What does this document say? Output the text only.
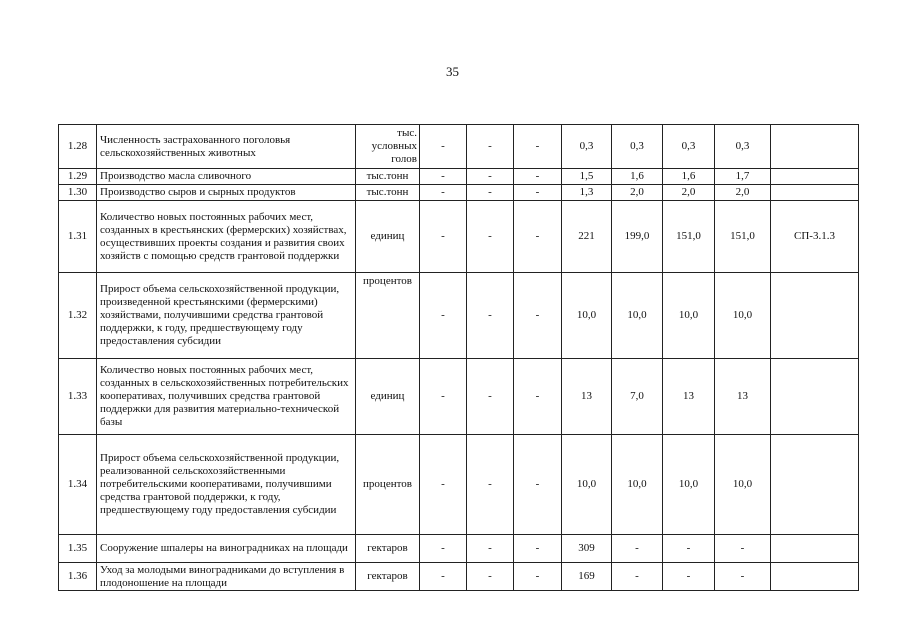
35
1.28	Численность застрахованного поголовья сельскохозяйственных животных	тыс. условных голов	-	-	-	0,3	0,3	0,3	0,3	
1.29	Производство масла сливочного	тыс.тонн	-	-	-	1,5	1,6	1,6	1,7	
1.30	Производство сыров и сырных продуктов	тыс.тонн	-	-	-	1,3	2,0	2,0	2,0	
1.31	Количество новых постоянных рабочих мест, созданных в крестьянских (фермерских) хозяйствах, осуществивших проекты создания и развития своих хозяйств с помощью средств грантовой поддержки	единиц	-	-	-	221	199,0	151,0	151,0	СП-3.1.3
1.32	Прирост объема сельскохозяйственной продукции, произведенной крестьянскими (фермерскими) хозяйствами, получившими средства грантовой поддержки, к году, предшествующему году предоставления субсидии	процентов	-	-	-	10,0	10,0	10,0	10,0	
1.33	Количество новых постоянных рабочих мест, созданных в сельскохозяйственных потребительских кооперативах, получивших средства грантовой поддержки для развития материально-технической базы	единиц	-	-	-	13	7,0	13	13	
1.34	Прирост объема сельскохозяйственной продукции, реализованной сельскохозяйственными потребительскими кооперативами, получившими средства грантовой поддержки, к году, предшествующему году предоставления субсидии	процентов	-	-	-	10,0	10,0	10,0	10,0	
1.35	Сооружение шпалеры на виноградниках на площади	гектаров	-	-	-	309	-	-	-	
1.36	Уход за молодыми виноградниками до вступления в плодоношение на площади	гектаров	-	-	-	169	-	-	-	
